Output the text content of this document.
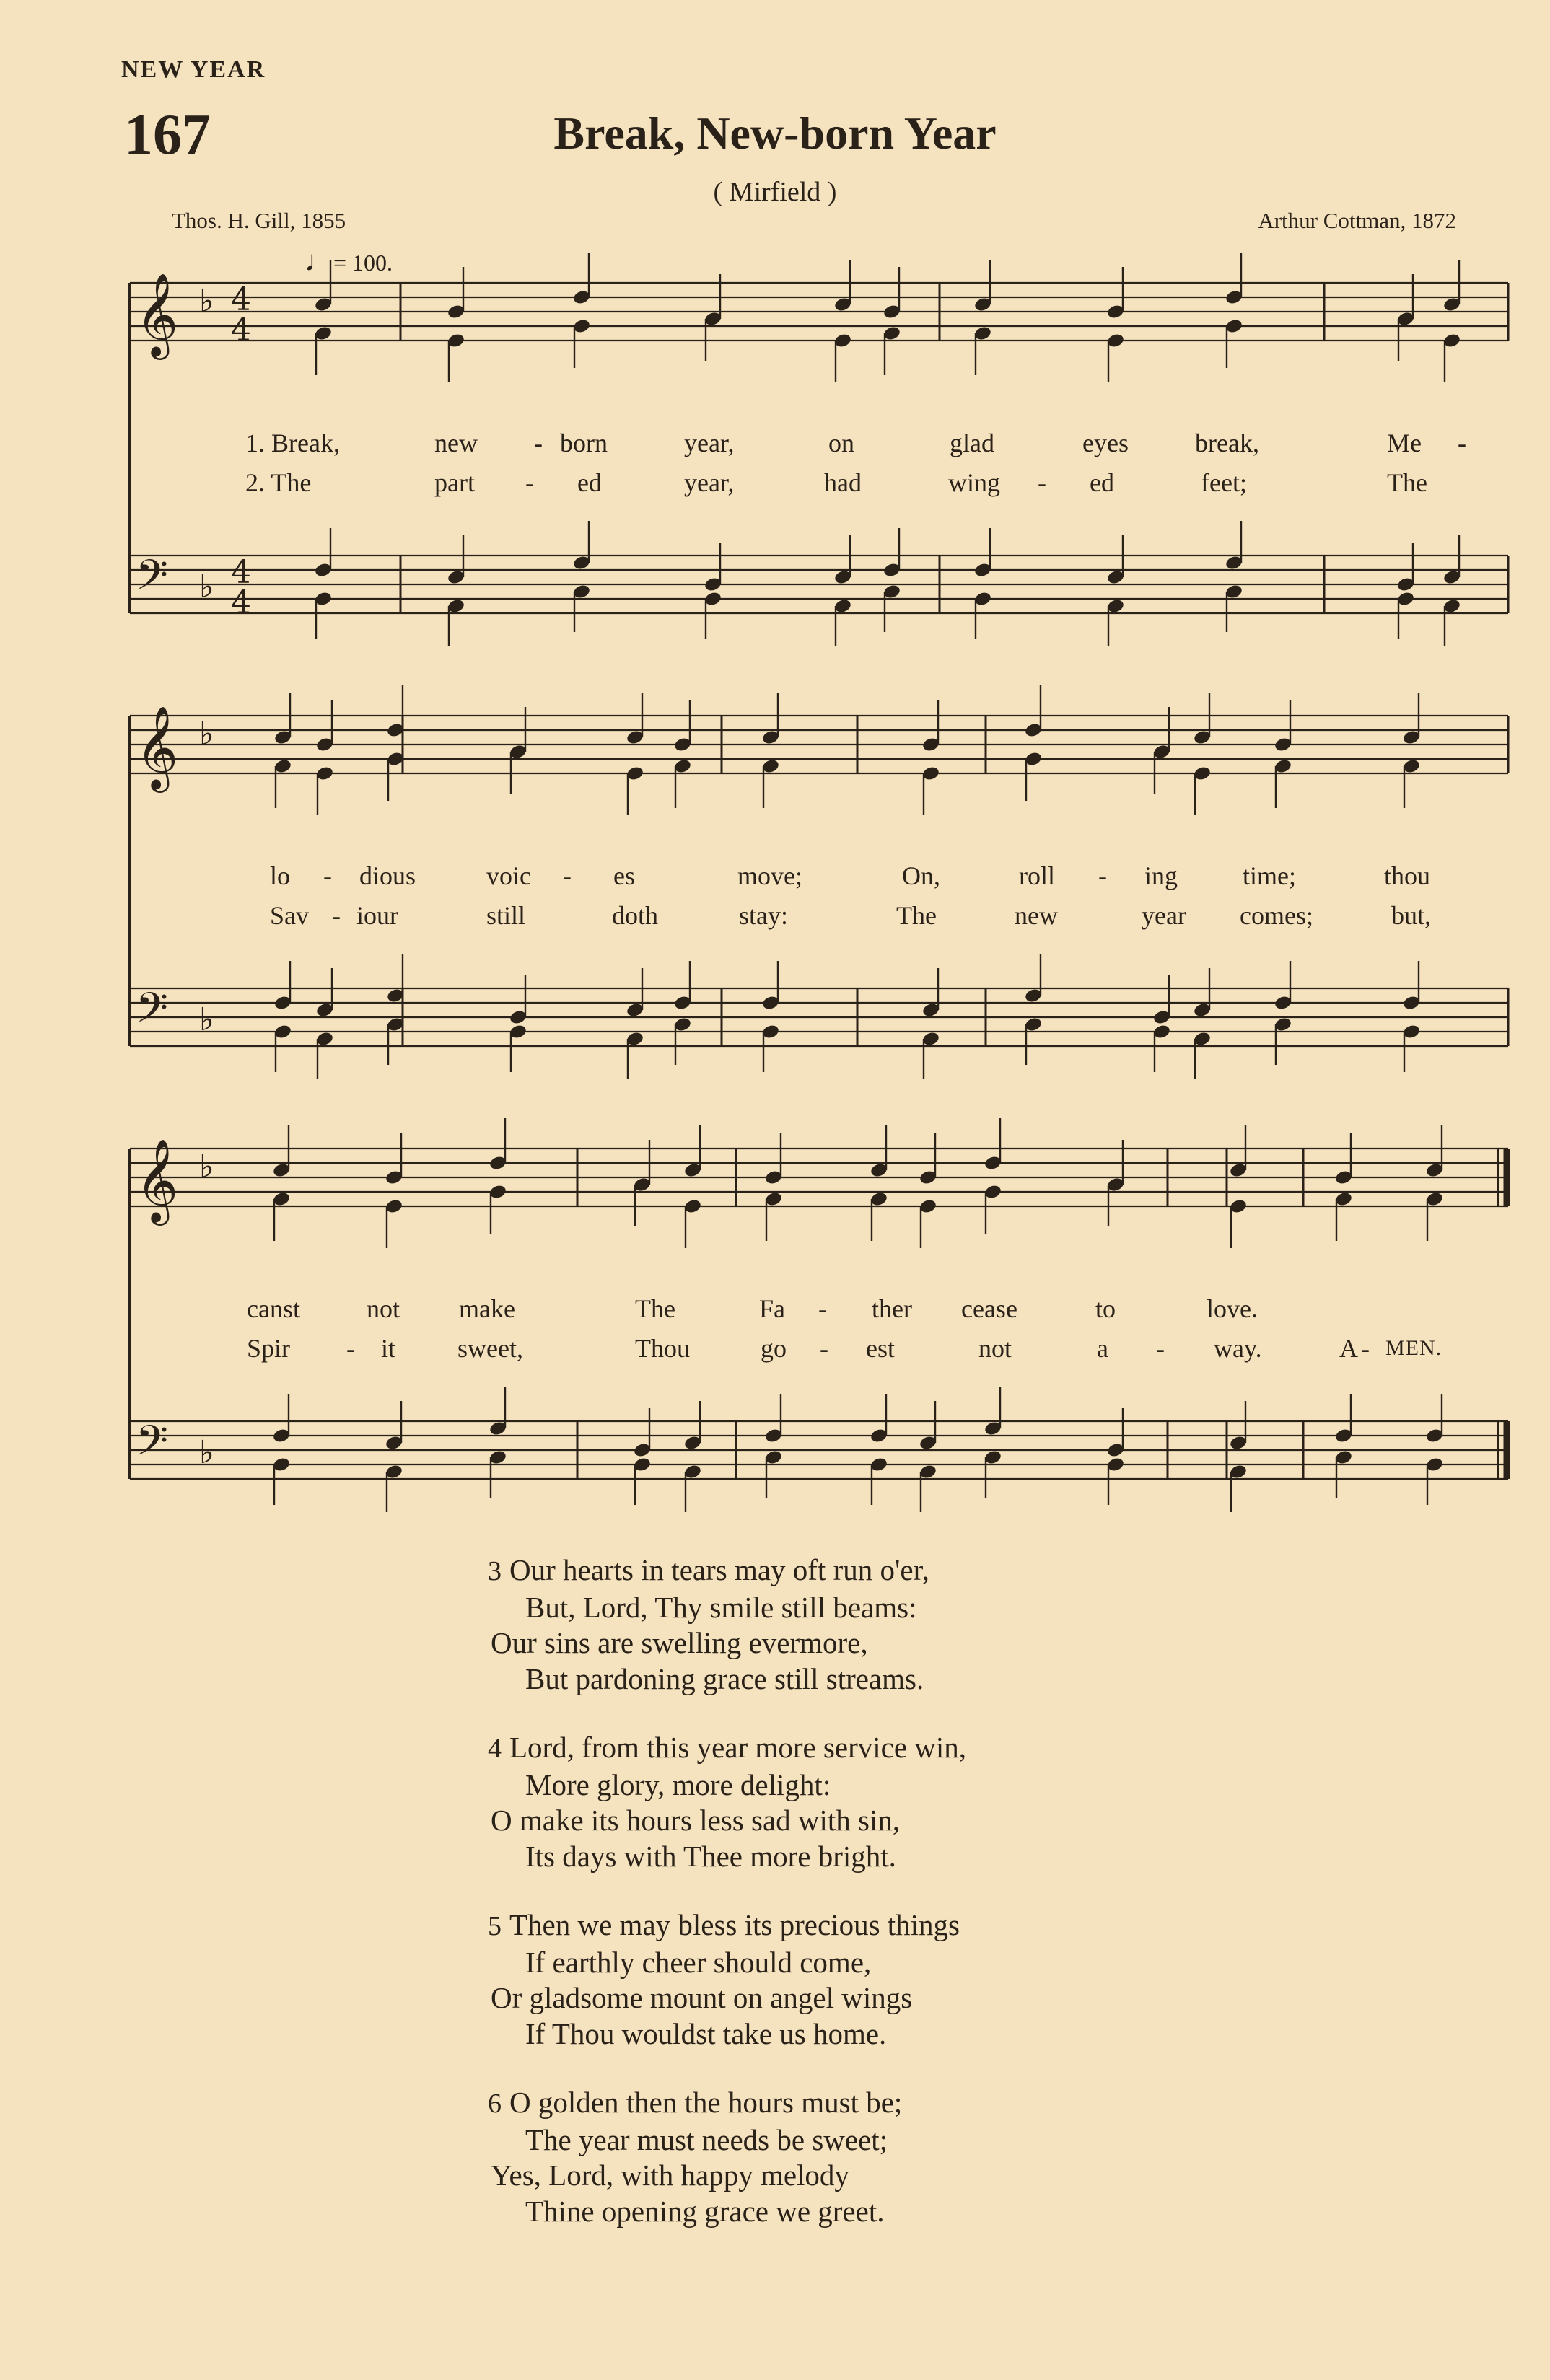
NEW YEAR
167	Break, New-born Year
( Mirfield )
Thos. H. Gill, 1855	Arthur Cottman, 1872
♩= 100.
𝄞 ♭ 4
4
𝄢 ♭ 4
4
𝄞 ♭
𝄢 ♭
𝄞 ♭
𝄢 ♭
1. Break,	new - born	year,	on	glad	eyes	break,	Me -
2. The	part - ed	year,	had	wing - ed	feet;	The
lo - dious	voic - es	move;	On,	roll - ing time;	thou
Sav - iour	still	doth	stay:	The	new	year comes;	but,
canst	not make	The	Fa - ther cease	to	love.
Spir - it sweet,	Thou	go - est	not	a - way.	A - MEN.
3 Our hearts in tears may oft run o'er,
But, Lord, Thy smile still beams:
Our sins are swelling evermore,
But pardoning grace still streams.
4 Lord, from this year more service win,
More glory, more delight:
O make its hours less sad with sin,
Its days with Thee more bright.
5 Then we may bless its precious things
If earthly cheer should come,
Or gladsome mount on angel wings
If Thou wouldst take us home.
6 O golden then the hours must be;
The year must needs be sweet;
Yes, Lord, with happy melody
Thine opening grace we greet.
